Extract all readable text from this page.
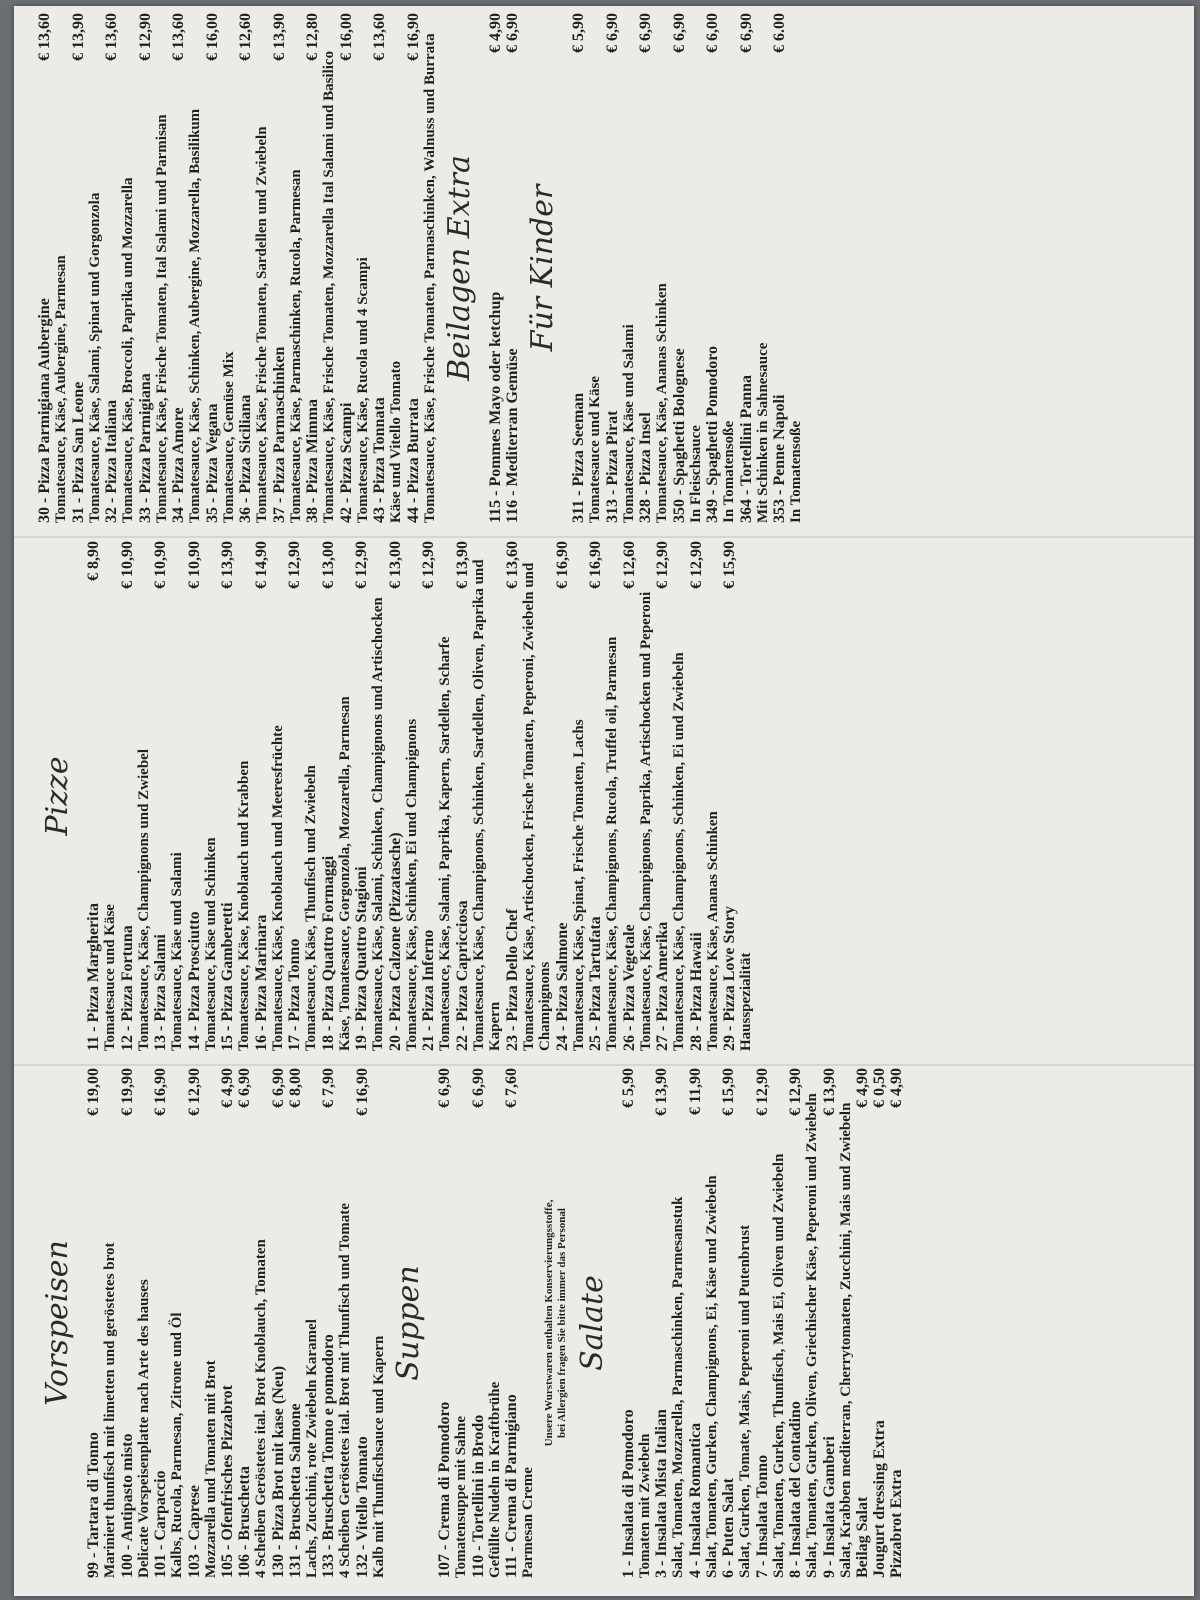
Vorspeisen
99 - Tartara di Tonno
€ 19,00
Mariniert thunfisch mit limetten und geröstetes brot 100 - Antipasto misto
€ 19,90
Delicate Vorspeisenplatte nach Arte des hauses 101 - Carpaccio
€ 16,90
Kalbs, Rucola, Parmesan, Zitrone und Öl 103 - Caprese
€ 12,90
Mozzarella und Tomaten mit Brot 105 - Ofenfrisches Pizzabrot
€ 4,90
106 - Bruschetta
€ 6,90
4 Scheiben Geröstetes ital. Brot Knoblauch, Tomaten 130 - Pizza Brot mit kase (Neu)
€ 6,90
131 - Bruschetta Salmone
€ 8,00
Lachs, Zucchini, rote Zwiebeln Karamel 133 - Bruschetta Tonno e pomodoro
€ 7,90
4 Scheiben Geröstetes ital. Brot mit Thunfisch und Tomate 132 - Vitello Tonnato
€ 16,90
Kalb mit Thunfischsauce und Kapern
Suppen
107 - Crema di Pomodoro
€ 6,90
Tomatensuppe mit Sahne 110 - Tortellini in Brodo
€ 6,90
Gefüllte Nudeln in Kraftbrühe 111 - Crema di Parmigiano
€ 7,60
Parmesan Creme
Unsere Wurstwaren enthalten Konservierungsstoffe, bei Allergien fragen Sie bitte immer das Personal Salate
1 - Insalata di Pomodoro
€ 5,90
Tomaten mit Zwiebeln 3 - Insalata Mista Italian
€ 13,90
Salat, Tomaten, Mozzarella, Parmaschinken, Parmesanstuk 4 - Insalata Romantica
€ 11,90
Salat, Tomaten, Gurken, Champignons, Ei, Käse und Zwiebeln 6 - Puten Salat
€ 15,90
Salat, Gurken, Tomate, Mais, Peperoni und Putenbrust 7 - Insalata Tonno
€ 12,90
Salat, Tomaten, Gurken, Thunfisch, Mais Ei, Oliven und Zwiebeln 8 - Insalata del Contadino
€ 12,90
Salat, Tomaten, Gurken, Oliven, Griechischer Käse, Peperoni und Zwiebeln 9 - Insalata Gamberi
€ 13,90
Salat, Krabben mediterran, Cherrytomaten, Zucchini, Mais und Zwiebeln Beilag Salat
€ 4,90
Jougurt dressing Extra
€ 0,50
Pizzabrot Extra
€ 4,90
Pizze
11 - Pizza Margherita
€ 8,90
Tomatesauce und Käse 12 - Pizza Fortuna
€ 10,90
Tomatesauce, Käse, Champignons und Zwiebel 13 - Pizza Salami
€ 10,90
Tomatesauce, Käse und Salami 14 - Pizza Prosciutto
€ 10,90
Tomatesauce, Käse und Schinken 15 - Pizza Gamberetti
€ 13,90
Tomatesauce, Käse, Knoblauch und Krabben 16 - Pizza Marinara
€ 14,90
Tomatesauce, Käse, Knoblauch und Meeresfrüchte 17 - Pizza Tonno
€ 12,90
Tomatesauce, Käse, Thunfisch und Zwiebeln 18 - Pizza Quattro Formaggi
€ 13,00
Käse, Tomatesauce, Gorgonzola, Mozzarella, Parmesan 19 - Pizza Quattro Stagioni
€ 12,90
Tomatesauce, Käse, Salami, Schinken, Champignons und Artischocken 20 - Pizza Calzone (Pizzatasche)
€ 13,00
Tomatesauce, Käse, Schinken, Ei und Champignons 21 - Pizza Inferno
€ 12,90
Tomatesauce, Käse, Salami, Paprika, Kapern, Sardellen, Scharfe 22 - Pizza Capricciosa
€ 13,90 Tomatesauce, Käse, Champignons, Schinken, Sardellen, Oliven, Paprika und Kapern 23 - Pizza Dello Chef
€ 13,60 Tomatesauce, Käse, Artischocken, Frische Tomaten, Peperoni, Zwiebeln und Champignons 24 - Pizza Salmone
€ 16,90
Tomatesauce, Käse, Spinat, Frische Tomaten, Lachs 25 - Pizza Tartufata
€ 16,90
Tomatesauce, Käse, Champignons, Rucola, Truffel oil, Parmesan 26 - Pizza Vegetale
€ 12,60
Tomatesauce, Käse, Champignons, Paprika, Artischocken und Peperoni 27 - Pizza Amerika
€ 12,90
Tomatesauce, Käse, Champignons, Schinken, Ei und Zwiebeln 28 - Pizza Hawaii
€ 12,90
Tomatesauce, Käse, Ananas Schinken 29 - Pizza Love Story
€ 15,90
Hausspezialität
30 - Pizza Parmigiana Aubergine
€ 13,60
Tomatesauce, Käse, Aubergine, Parmesan 31 - Pizza San Leone
€ 13,90
Tomatesauce, Käse, Salami, Spinat und Gorgonzola 32 - Pizza Italiana
€ 13,60
Tomatesauce, Käse, Broccoli, Paprika und Mozzarella 33 - Pizza Parmigiana
€ 12,90
Tomatesauce, Käse, Frische Tomaten, Ital Salami und Parmisan 34 - Pizza Amore
€ 13,60
Tomatesauce, Käse, Schinken, Aubergine, Mozzarella, Basilikum 35 - Pizza Vegana
€ 16,00
Tomatesauce, Gemüse Mix 36 - Pizza Siciliana
€ 12,60
Tomatesauce, Käse, Frische Tomaten, Sardellen und Zwiebeln 37 - Pizza Parmaschinken
€ 13,90
Tomatesauce, Käse, Parmaschinken, Rucola, Parmesan 38 - Pizza Mimma
€ 12,80
Tomatesauce, Käse, Frische Tomaten, Mozzarella Ital Salami und Basilico 42 - Pizza Scampi
€ 16,00
Tomatesauce, Käse, Rucola und 4 Scampi 43 - Pizza Tonnata
€ 13,60
Käse und Vitello Tonnato 44 - Pizza Burrata
€ 16,90 Tomatesauce, Käse, Frische Tomaten, Parmaschinken, Walnuss und Burrata Beilagen Extra
115 - Pommes Mayo oder ketchup
€ 4,90
116 - Mediterran Gemüse
€ 6,90
Für Kinder
311 - Pizza Seeman
€ 5,90
Tomatesauce und Käse 313 - Pizza Pirat
€ 6,90
Tomatesauce, Käse und Salami 328 - Pizza Insel
€ 6,90
Tomatesauce, Käse, Ananas Schinken 350 - Spaghetti Bolognese
€ 6,90
In Fleischsauce 349 - Spaghetti Pomodoro
€ 6,00
In Tomatensoße 364 - Tortellini Panna
€ 6,90
Mit Schinken in Sahnesauce 353 - Penne Napoli
€ 6.00
In Tomatensoße
